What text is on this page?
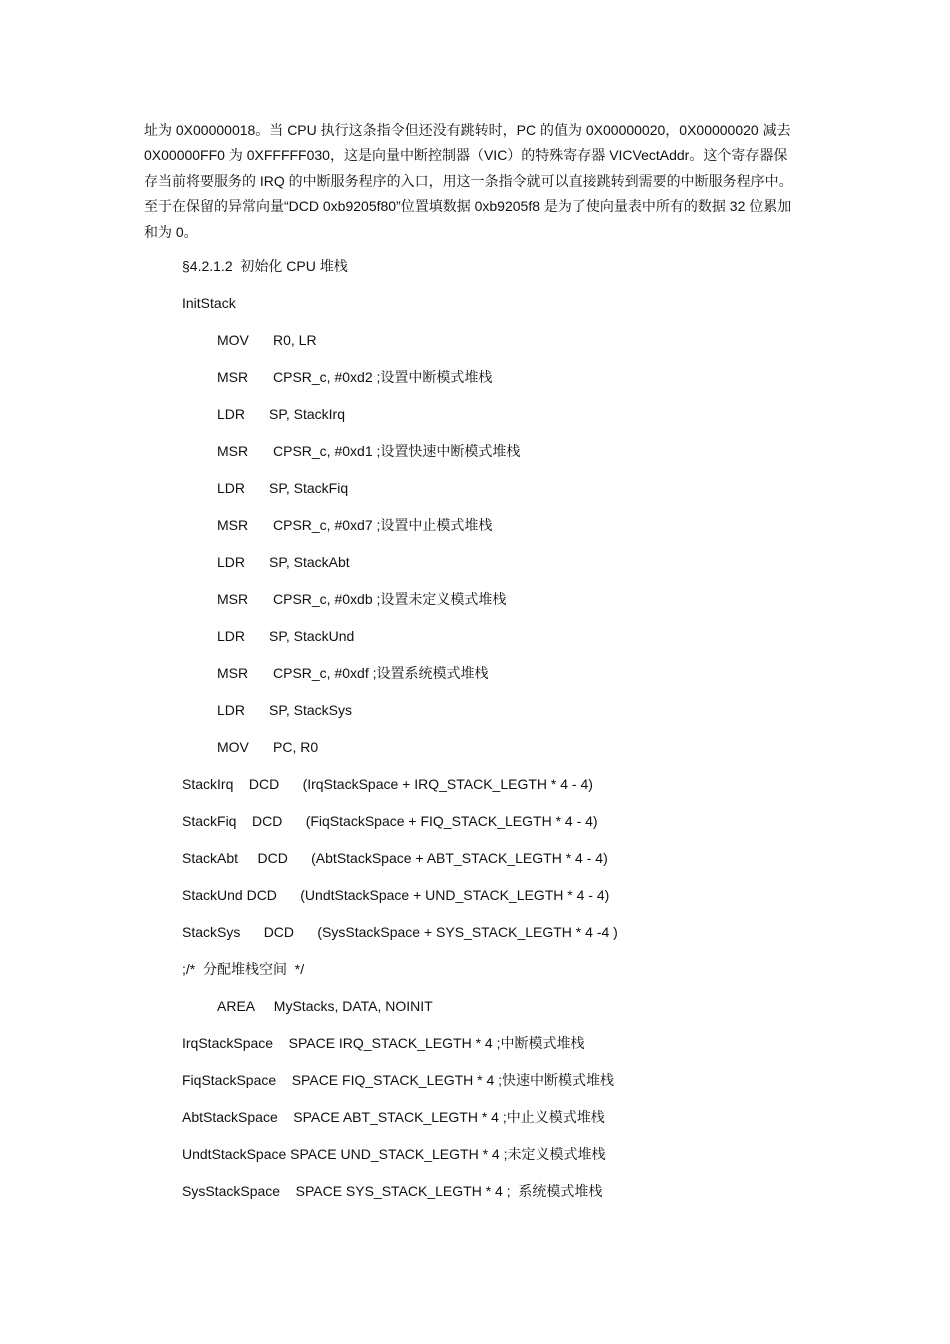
址为 0X00000018。当 CPU 执行这条指令但还没有跳转时，PC 的值为 0X00000020，0X00000020 减去

0X00000FF0 为 0XFFFFF030，这是向量中断控制器（VIC）的特殊寄存器 VICVectAddr。这个寄存器保

存当前将要服务的 IRQ 的中断服务程序的入口，用这一条指令就可以直接跳转到需要的中断服务程序中。

至于在保留的异常向量“DCD 0xb9205f80”位置填数据 0xb9205f8 是为了使向量表中所有的数据 32 位累加

和为 0。

§4.2.1.2  初始化 CPU 堆栈
InitStack
MOV R0, LR
MSR CPSR_c, #0xd2 ;设置中断模式堆栈
LDR SP, StackIrq
MSR CPSR_c, #0xd1 ;设置快速中断模式堆栈
LDR SP, StackFiq
MSR CPSR_c, #0xd7 ;设置中止模式堆栈
LDR SP, StackAbt
MSR CPSR_c, #0xdb ;设置未定义模式堆栈
LDR SP, StackUnd
MSR CPSR_c, #0xdf ;设置系统模式堆栈
LDR SP, StackSys
MOV PC, R0
StackIrq    DCD      (IrqStackSpace + IRQ_STACK_LEGTH * 4 - 4)
StackFiq    DCD      (FiqStackSpace + FIQ_STACK_LEGTH * 4 - 4)
StackAbt     DCD      (AbtStackSpace + ABT_STACK_LEGTH * 4 - 4)
StackUnd DCD      (UndtStackSpace + UND_STACK_LEGTH * 4 - 4)
StackSys      DCD      (SysStackSpace + SYS_STACK_LEGTH * 4 -4 )
;/*  分配堆栈空间  */
AREA     MyStacks, DATA, NOINIT
IrqStackSpace    SPACE IRQ_STACK_LEGTH * 4 ;中断模式堆栈
FiqStackSpace    SPACE FIQ_STACK_LEGTH * 4 ;快速中断模式堆栈
AbtStackSpace    SPACE ABT_STACK_LEGTH * 4 ;中止义模式堆栈
UndtStackSpace SPACE UND_STACK_LEGTH * 4 ;未定义模式堆栈
SysStackSpace    SPACE SYS_STACK_LEGTH * 4 ;  系统模式堆栈
